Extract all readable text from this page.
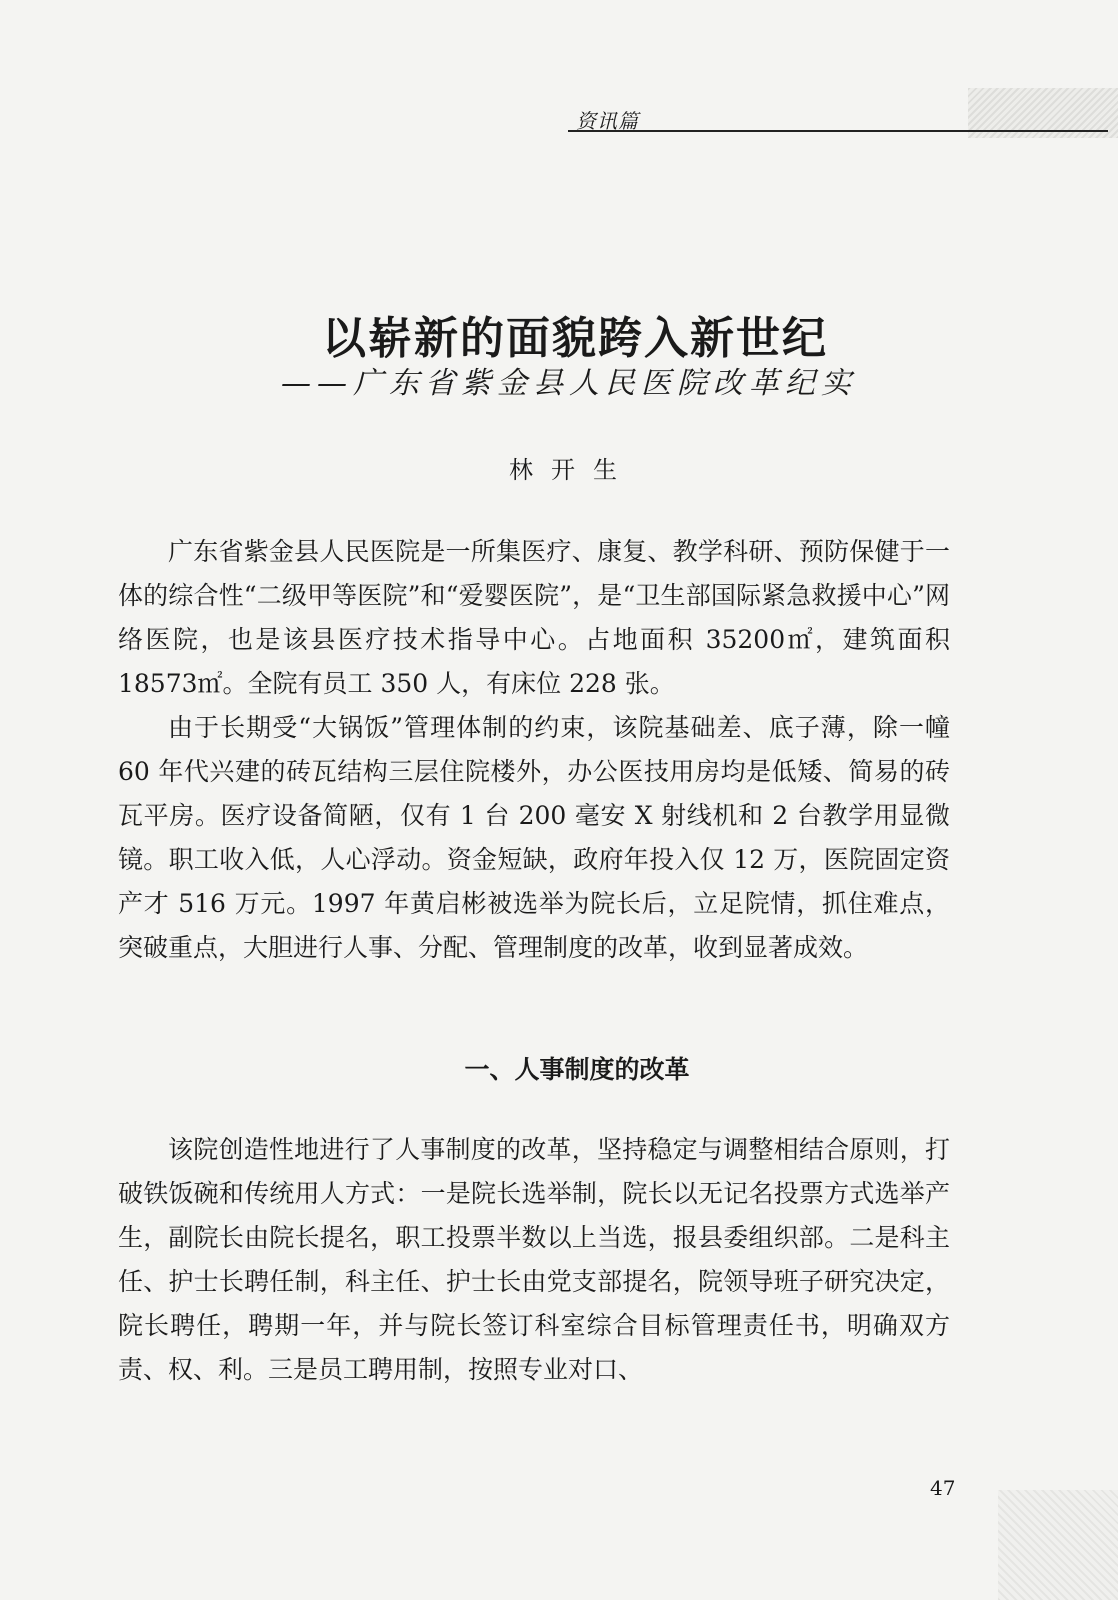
资讯篇
以崭新的面貌跨入新世纪
——广东省紫金县人民医院改革纪实
林开生

广东省紫金县人民医院是一所集医疗、康复、教学科研、预防保健于一体的综合性“二级甲等医院”和“爱婴医院”，是“卫生部国际紧急救援中心”网络医院，也是该县医疗技术指导中心。占地面积 35200㎡，建筑面积 18573㎡。全院有员工 350 人，有床位 228 张。

由于长期受“大锅饭”管理体制的约束，该院基础差、底子薄，除一幢 60 年代兴建的砖瓦结构三层住院楼外，办公医技用房均是低矮、简易的砖瓦平房。医疗设备简陋，仅有 1 台 200 毫安 X 射线机和 2 台教学用显微镜。职工收入低，人心浮动。资金短缺，政府年投入仅 12 万，医院固定资产才 516 万元。1997 年黄启彬被选举为院长后，立足院情，抓住难点，突破重点，大胆进行人事、分配、管理制度的改革，收到显著成效。

一、人事制度的改革

该院创造性地进行了人事制度的改革，坚持稳定与调整相结合原则，打破铁饭碗和传统用人方式：一是院长选举制，院长以无记名投票方式选举产生，副院长由院长提名，职工投票半数以上当选，报县委组织部。二是科主任、护士长聘任制，科主任、护士长由党支部提名，院领导班子研究决定，院长聘任，聘期一年，并与院长签订科室综合目标管理责任书，明确双方责、权、利。三是员工聘用制，按照专业对口、

47
